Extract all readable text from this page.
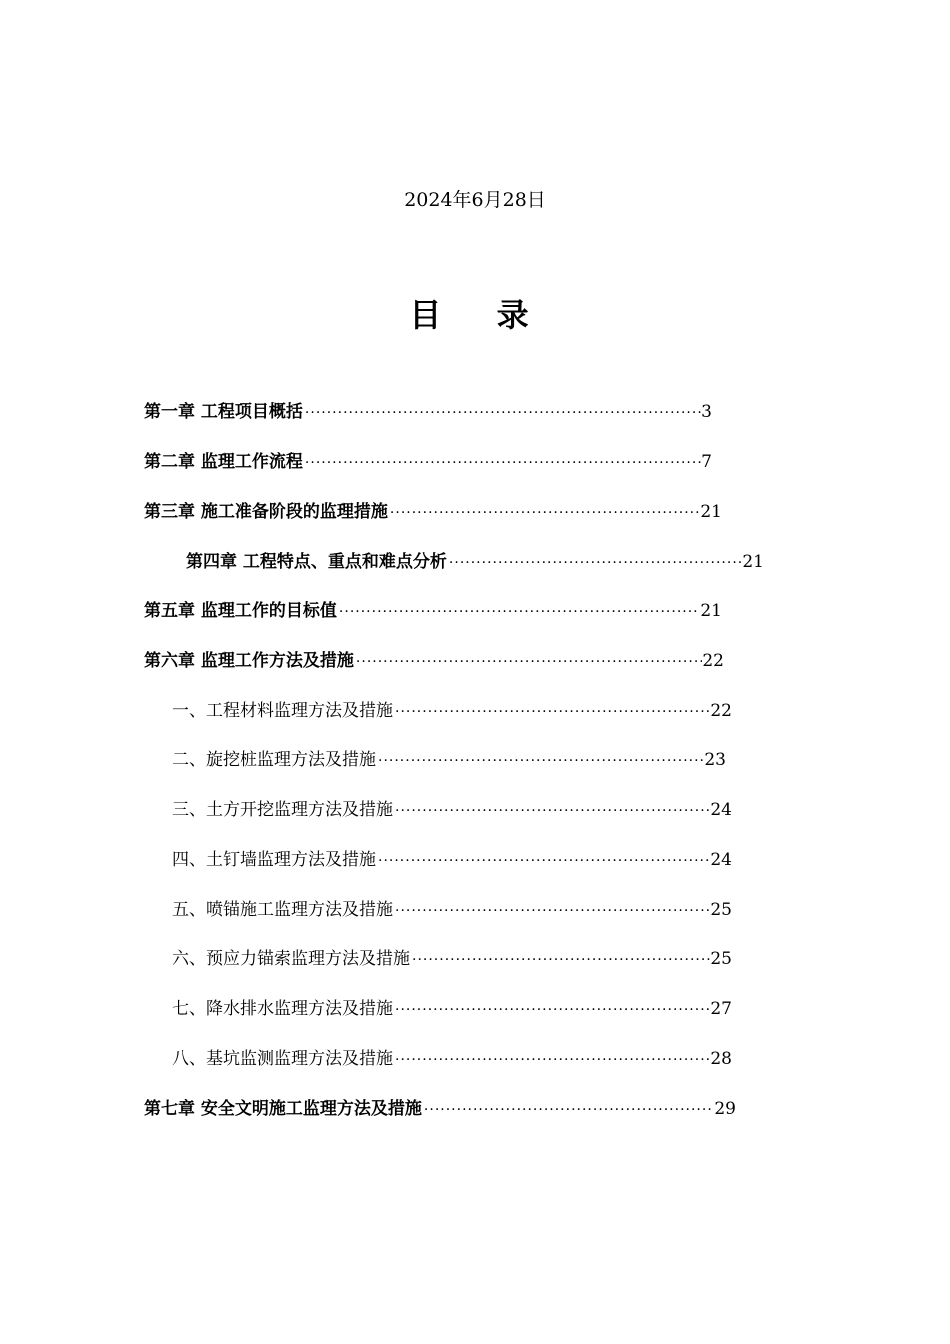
2024年6月28日
目 录
第一章 工程项目概括 ·····	3
第二章 监理工作流程 ·····	7
第三章 施工准备阶段的监理措施 ·····	21
第四章 工程特点、重点和难点分析 ·····	21
第五章 监理工作的目标值 ·····	21
第六章 监理工作方法及措施 ·····	22
一、工程材料监理方法及措施 ·····	22
二、旋挖桩监理方法及措施 ·····	23
三、土方开挖监理方法及措施 ·····	24
四、土钉墙监理方法及措施 ·····	24
五、喷锚施工监理方法及措施 ·····	25
六、预应力锚索监理方法及措施 ·····	25
七、降水排水监理方法及措施 ·····	27
八、基坑监测监理方法及措施 ·····	28
第七章 安全文明施工监理方法及措施 ·····	29
